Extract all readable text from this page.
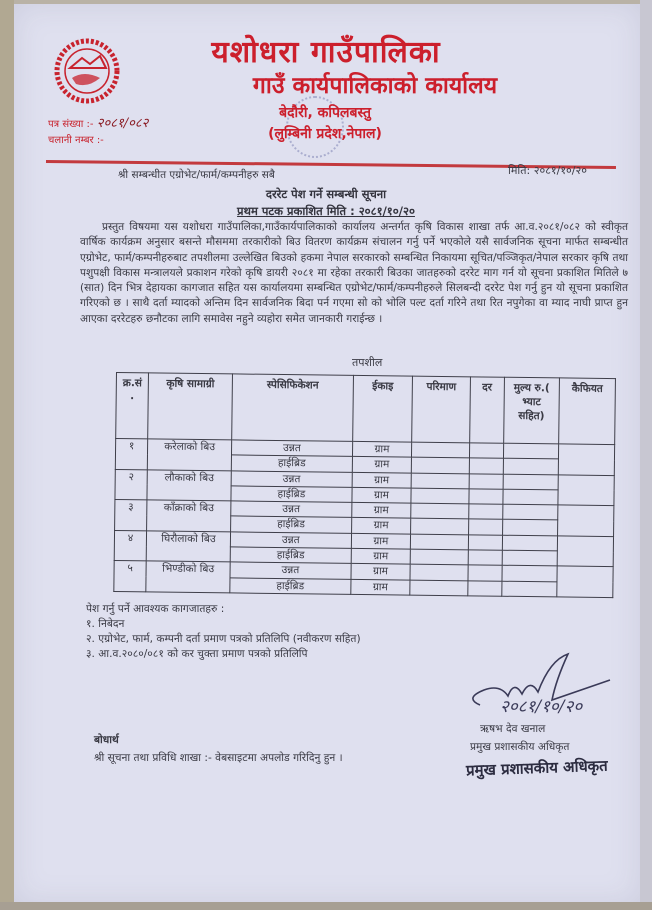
यशोधरा गाउँपालिका
गाउँ कार्यपालिकाको कार्यालय
बेदौरी, कपिलबस्तु
(लुम्बिनी प्रदेश,नेपाल)
पत्र संख्या :- २०८१/०८२
चलानी नम्बर :-
श्री सम्बन्धीत एग्रोभेट/फार्म/कम्पनीहरु सबै	मिति: २०८१/१०/२०
दररेट पेश गर्ने सम्बन्धी सूचना
प्रथम पटक प्रकाशित मिति : २०८१/१०/२०
प्रस्तुत विषयमा यस यशोधरा गाउँपालिका,गाउँकार्यपालिकाको कार्यालय अन्तर्गत कृषि विकास शाखा तर्फ आ.व.२०८१/०८२ को स्वीकृत वार्षिक कार्यक्रम अनुसार बसन्ते मौसममा तरकारीको बिउ वितरण कार्यक्रम संचालन गर्नु पर्ने भएकोले यसै सार्वजनिक सूचना मार्फत सम्बन्धीत एग्रोभेट, फार्म/कम्पनीहरुबाट तपशीलमा उल्लेखित बिउको हकमा नेपाल सरकारको सम्बन्धित निकायमा सूचित/पञ्जिकृत/नेपाल सरकार कृषि तथा पशुपक्षी विकास मन्त्रालयले प्रकाशन गरेको कृषि डायरी २०८१ मा रहेका तरकारी बिउका जातहरुको दररेट माग गर्न यो सूचना प्रकाशित मितिले ७ (सात) दिन भित्र देहायका कागजात सहित यस कार्यालयमा सम्बन्धित एग्रोभेट/फार्म/कम्पनीहरुले सिलबन्दी दररेट पेश गर्नु हुन यो सूचना प्रकाशित गरिएको छ । साथै दर्ता म्यादको अन्तिम दिन सार्वजनिक बिदा पर्न गएमा सो को भोलि पल्ट दर्ता गरिने तथा रित नपुगेका वा म्याद नाघी प्राप्त हुन आएका दररेटहरु छनौटका लागि समावेस नहुने व्यहोरा समेत जानकारी गराईन्छ ।
तपशील
क्र.सं .	कृषि सामाग्री	स्पेसिफिकेशन	ईकाइ	परिमाण	दर	मुल्य रु.( भ्याट सहित)	कैफियत
१	करेलाको बिउ	उन्नत	ग्राम				
		हाईब्रिड	ग्राम				
२	लौकाको बिउ	उन्नत	ग्राम				
		हाईब्रिड	ग्राम				
३	काँक्राको बिउ	उन्नत	ग्राम				
		हाईब्रिड	ग्राम				
४	घिरौलाको बिउ	उन्नत	ग्राम				
		हाईब्रिड	ग्राम				
५	भिण्डीको बिउ	उन्नत	ग्राम				
		हाईब्रिड	ग्राम				
पेश गर्नु पर्ने आवश्यक कागजातहरु :
१. निबेदन
२. एग्रोभेट, फार्म, कम्पनी दर्ता प्रमाण पत्रको प्रतिलिपि (नवीकरण सहित)
३. आ.व.२०८०/०८१ को कर चुक्ता प्रमाण पत्रको प्रतिलिपि
२०८१/१०/२०
ऋषभ देव खनाल
प्रमुख प्रशासकीय अधिकृत
प्रमुख प्रशासकीय अधिकृत
बोधार्थ
श्री सूचना तथा प्रविधि शाखा :- वेबसाइटमा अपलोड गरिदिनु हुन ।
